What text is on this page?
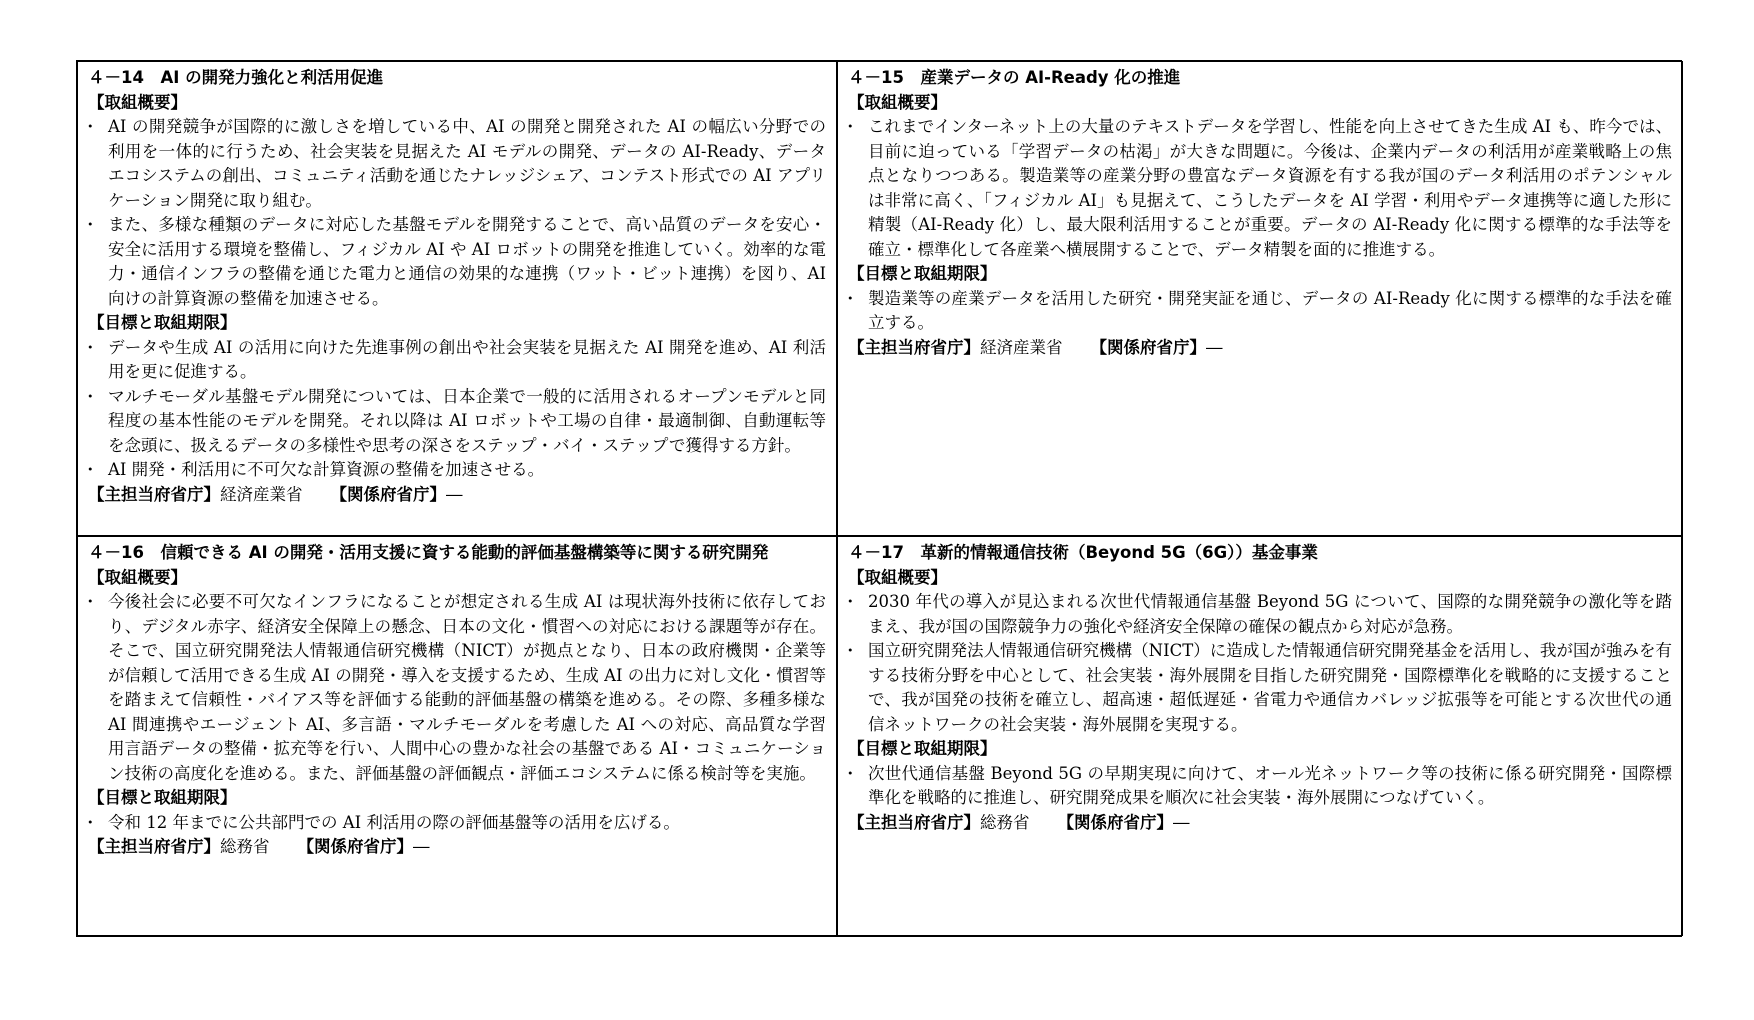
４－14　AI の開発力強化と利活用促進
【取組概要】
・ AI の開発競争が国際的に激しさを増している中、AI の開発と開発された AI の幅広い分野での利用を一体的に行うため、社会実装を見据えた AI モデルの開発、データの AI-Ready、データエコシステムの創出、コミュニティ活動を通じたナレッジシェア、コンテスト形式での AI アプリケーション開発に取り組む。
・ また、多様な種類のデータに対応した基盤モデルを開発することで、高い品質のデータを安心・安全に活用する環境を整備し、フィジカル AI や AI ロボットの開発を推進していく。効率的な電力・通信インフラの整備を通じた電力と通信の効果的な連携（ワット・ビット連携）を図り、AI 向けの計算資源の整備を加速させる。
【目標と取組期限】
・ データや生成 AI の活用に向けた先進事例の創出や社会実装を見据えた AI 開発を進め、AI 利活用を更に促進する。
・ マルチモーダル基盤モデル開発については、日本企業で一般的に活用されるオープンモデルと同程度の基本性能のモデルを開発。それ以降は AI ロボットや工場の自律・最適制御、自動運転等を念頭に、扱えるデータの多様性や思考の深さをステップ・バイ・ステップで獲得する方針。
・ AI 開発・利活用に不可欠な計算資源の整備を加速させる。
【主担当府省庁】経済産業省 【関係府省庁】―
４－15　産業データの AI-Ready 化の推進
【取組概要】
・ これまでインターネット上の大量のテキストデータを学習し、性能を向上させてきた生成 AI も、昨今では、目前に迫っている「学習データの枯渇」が大きな問題に。今後は、企業内データの利活用が産業戦略上の焦点となりつつある。製造業等の産業分野の豊富なデータ資源を有する我が国のデータ利活用のポテンシャルは非常に高く、「フィジカル AI」も見据えて、こうしたデータを AI 学習・利用やデータ連携等に適した形に精製（AI-Ready 化）し、最大限利活用することが重要。データの AI-Ready 化に関する標準的な手法等を確立・標準化して各産業へ横展開することで、データ精製を面的に推進する。
【目標と取組期限】
・ 製造業等の産業データを活用した研究・開発実証を通じ、データの AI-Ready 化に関する標準的な手法を確立する。
【主担当府省庁】経済産業省 【関係府省庁】―
４－16　信頼できる AI の開発・活用支援に資する能動的評価基盤構築等に関する研究開発
【取組概要】
・ 今後社会に必要不可欠なインフラになることが想定される生成 AI は現状海外技術に依存しており、デジタル赤字、経済安全保障上の懸念、日本の文化・慣習への対応における課題等が存在。そこで、国立研究開発法人情報通信研究機構（NICT）が拠点となり、日本の政府機関・企業等が信頼して活用できる生成 AI の開発・導入を支援するため、生成 AI の出力に対し文化・慣習等を踏まえて信頼性・バイアス等を評価する能動的評価基盤の構築を進める。その際、多種多様な AI 間連携やエージェント AI、多言語・マルチモーダルを考慮した AI への対応、高品質な学習用言語データの整備・拡充等を行い、人間中心の豊かな社会の基盤である AI・コミュニケーション技術の高度化を進める。また、評価基盤の評価観点・評価エコシステムに係る検討等を実施。
【目標と取組期限】
・ 令和 12 年までに公共部門での AI 利活用の際の評価基盤等の活用を広げる。
【主担当府省庁】総務省 【関係府省庁】―
４－17　革新的情報通信技術（Beyond 5G（6G））基金事業
【取組概要】
・ 2030 年代の導入が見込まれる次世代情報通信基盤 Beyond 5G について、国際的な開発競争の激化等を踏まえ、我が国の国際競争力の強化や経済安全保障の確保の観点から対応が急務。
・ 国立研究開発法人情報通信研究機構（NICT）に造成した情報通信研究開発基金を活用し、我が国が強みを有する技術分野を中心として、社会実装・海外展開を目指した研究開発・国際標準化を戦略的に支援することで、我が国発の技術を確立し、超高速・超低遅延・省電力や通信カバレッジ拡張等を可能とする次世代の通信ネットワークの社会実装・海外展開を実現する。
【目標と取組期限】
・ 次世代通信基盤 Beyond 5G の早期実現に向けて、オール光ネットワーク等の技術に係る研究開発・国際標準化を戦略的に推進し、研究開発成果を順次に社会実装・海外展開につなげていく。
【主担当府省庁】総務省 【関係府省庁】―
